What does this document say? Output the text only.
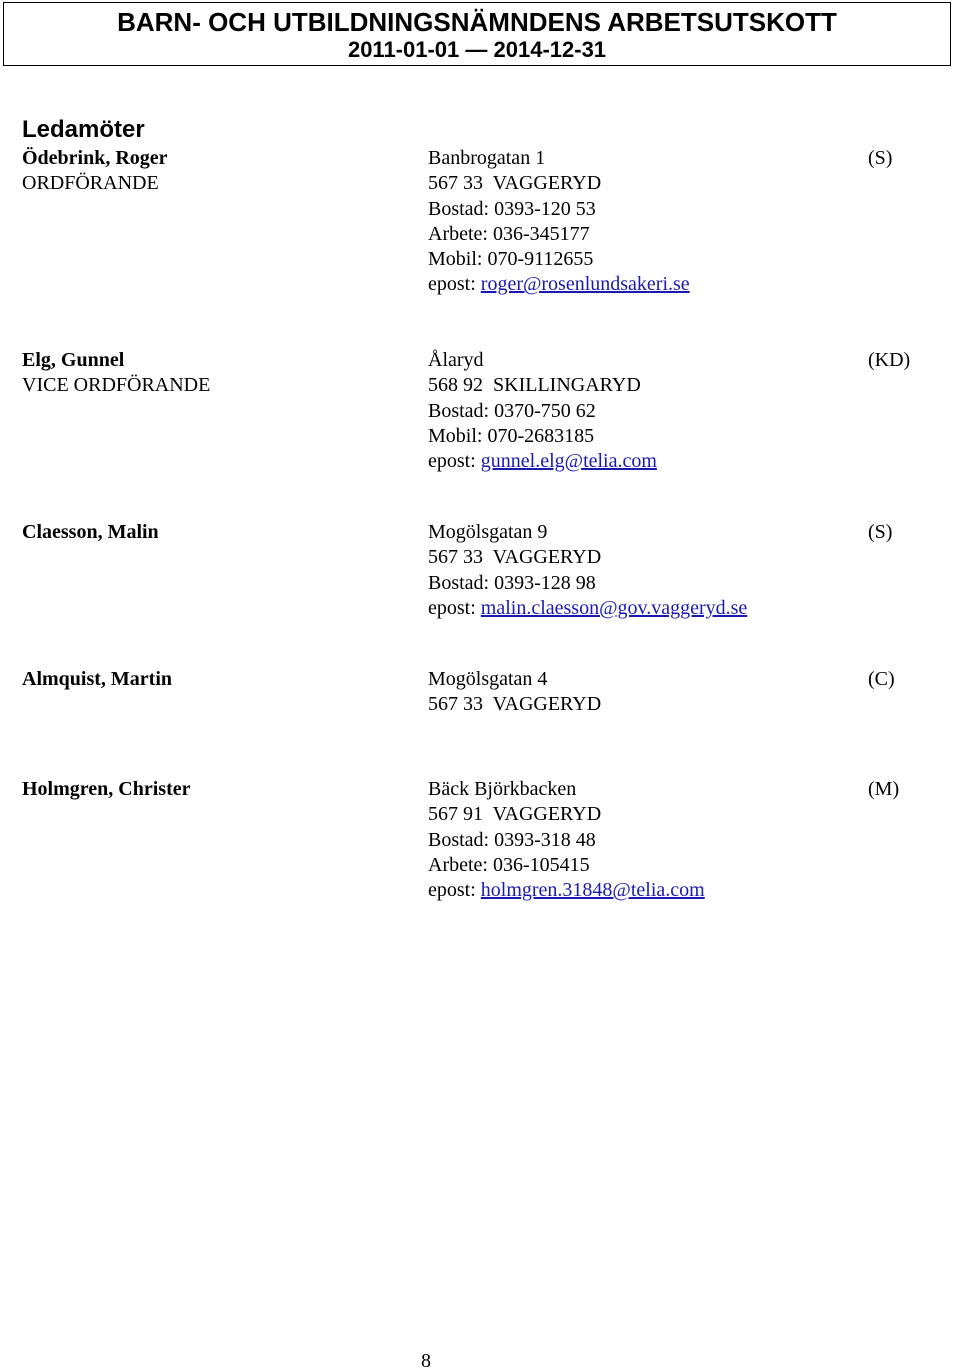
BARN- OCH UTBILDNINGSNÄMNDENS ARBETSUTSKOTT
2011-01-01 — 2014-12-31
Ledamöter
Ödebrink, Roger
ORDFÖRANDE
Banbrogatan 1
567 33  VAGGERYD
Bostad: 0393-120 53
Arbete: 036-345177
Mobil: 070-9112655
epost: roger@rosenlundsakeri.se
(S)
Elg, Gunnel
VICE ORDFÖRANDE
Ålaryd
568 92  SKILLINGARYD
Bostad: 0370-750 62
Mobil: 070-2683185
epost: gunnel.elg@telia.com
(KD)
Claesson, Malin	Mogölsgatan 9
567 33  VAGGERYD
Bostad: 0393-128 98
epost: malin.claesson@gov.vaggeryd.se
(S)
Almquist, Martin	Mogölsgatan 4
567 33  VAGGERYD
(C)
Holmgren, Christer	Bäck Björkbacken
567 91  VAGGERYD
Bostad: 0393-318 48
Arbete: 036-105415
epost: holmgren.31848@telia.com
(M)
8
